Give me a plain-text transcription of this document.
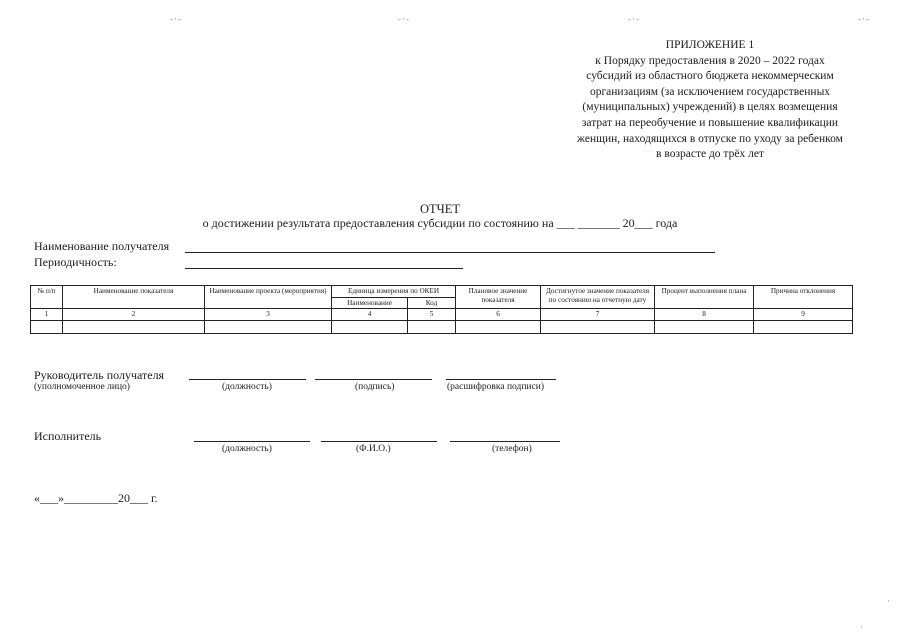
-·-	-·-	-·-	-·-
ПРИЛОЖЕНИЕ 1
к Порядку предоставления в 2020 – 2022 годах
субсидий из областного бюджета некоммерческим
организациям (за исключением государственных
(муниципальных) учреждений) в целях возмещения
затрат на переобучение и повышение квалификации
женщин, находящихся в отпуске по уходу за ребенком
в возрасте до трёх лет
ОТЧЕТ
о достижении результата предоставления субсидии по состоянию на ___ _______ 20___ года
Наименование получателя
Периодичность:
№ п/п	Наименование показателя	Наименование проекта (мероприятия)	Единица измерения по ОКЕИ		Плановое значение показателя	Достигнутое значение показателя по состоянию на отчетную дату	Процент выполнения плана	Причина отклонения
			Наименование	Код				
1	2	3	4	5	6	7	8	9

Руководитель получателя
(уполномоченное лицо)	(должность)	(подпись)	(расшифровка подписи)
Исполнитель
(должность)	(Ф.И.О.)	(телефон)
«___»_________20___ г.
·
·
